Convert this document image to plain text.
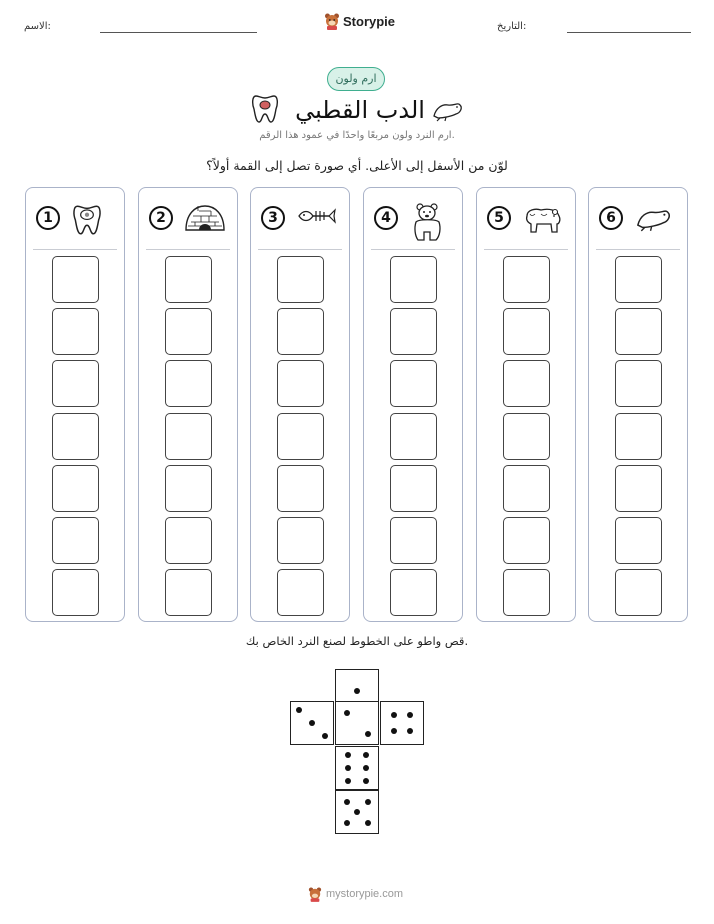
الاسم:	Storypie	التاريخ:
ارم ولون
الدب القطبي
ارم النرد ولون مربعًا واحدًا في عمود هذا الرقم.
لوّن من الأسفل إلى الأعلى. أي صورة تصل إلى القمة أولاً؟
1	2	3	4	5	6
قص واطو على الخطوط لصنع النرد الخاص بك.
mystorypie.com
